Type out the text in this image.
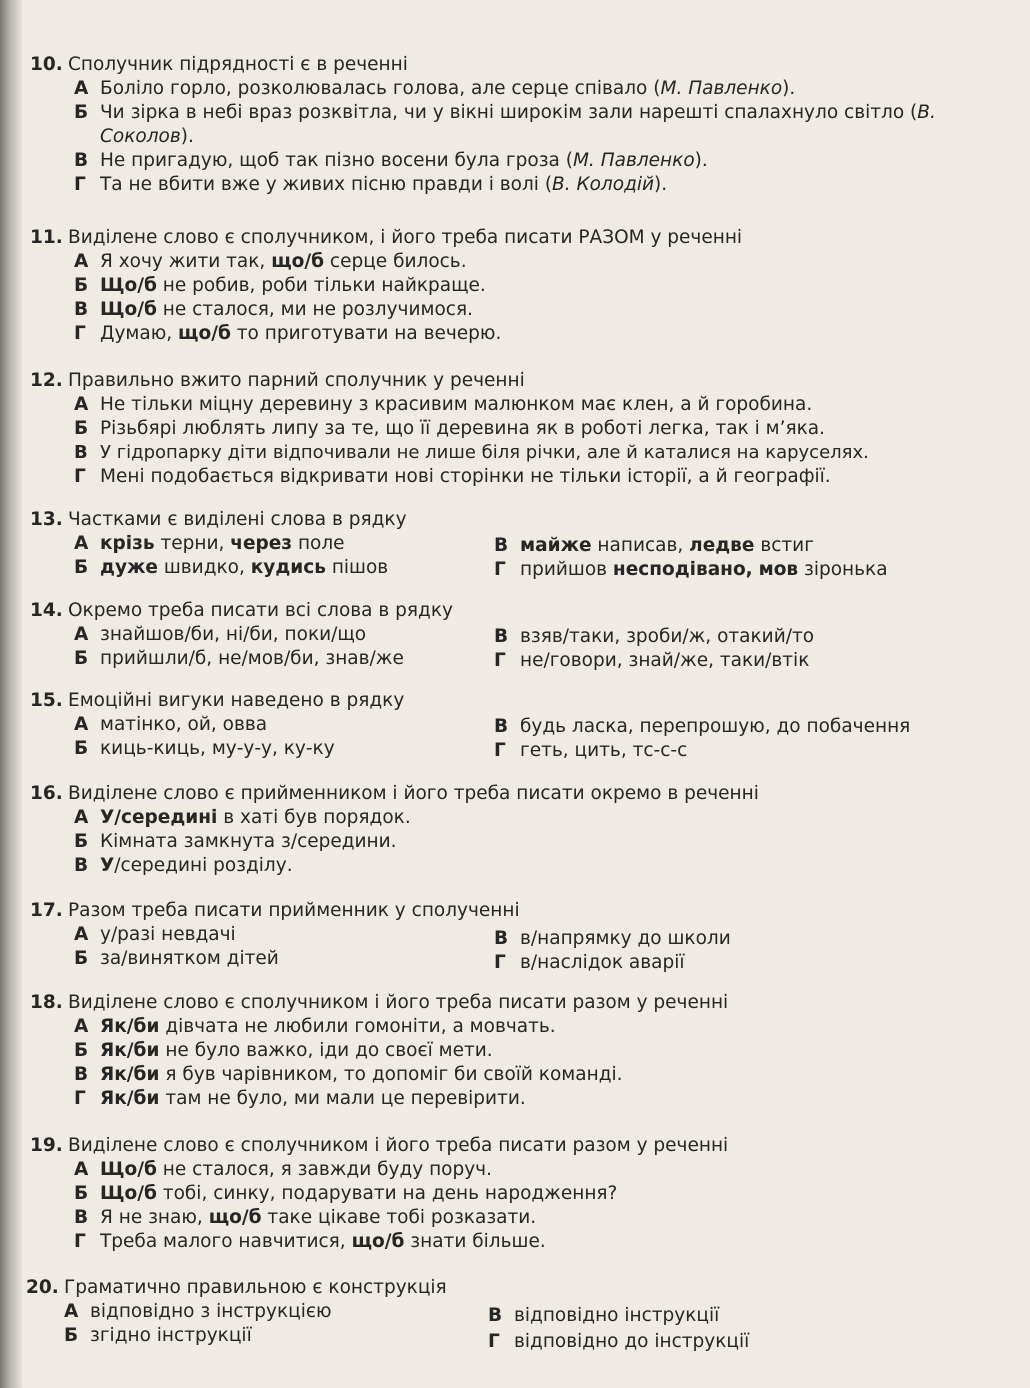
10. Сполучник підрядності є в реченні
А Боліло горло, розколювалась голова, але серце співало (М. Павленко).
Б Чи зірка в небі враз розквітла, чи у вікні широкім зали нарешті спалахнуло світло (В. Соколов).
В Не пригадую, щоб так пізно восени була гроза (М. Павленко).
Г Та не вбити вже у живих пісню правди і волі (В. Колодій).
11. Виділене слово є сполучником, і його треба писати РАЗОМ у реченні
А Я хочу жити так, що/б серце билось.
Б Що/б не робив, роби тільки найкраще.
В Що/б не сталося, ми не розлучимося.
Г Думаю, що/б то приготувати на вечерю.
12. Правильно вжито парний сполучник у реченні
А Не тільки міцну деревину з красивим малюнком має клен, а й горобина.
Б Різьбярі люблять липу за те, що її деревина як в роботі легка, так і м’яка.
В У гідропарку діти відпочивали не лише біля річки, але й каталися на каруселях.
Г Мені подобається відкривати нові сторінки не тільки історії, а й географії.
13. Частками є виділені слова в рядку
А крізь терни, через поле
Б дуже швидко, кудись пішов
В майже написав, ледве встиг
Г прийшов несподівано, мов зіронька
14. Окремо треба писати всі слова в рядку
А знайшов/би, ні/би, поки/що
Б прийшли/б, не/мов/би, знав/же
В взяв/таки, зроби/ж, отакий/то
Г не/говори, знай/же, таки/втік
15. Емоційні вигуки наведено в рядку
А матінко, ой, овва
Б киць-киць, му-у-у, ку-ку
В будь ласка, перепрошую, до побачення
Г геть, цить, тс-с-с
16. Виділене слово є прийменником і його треба писати окремо в реченні
А У/середині в хаті був порядок.
Б Кімната замкнута з/середини.
В У/середині розділу.
17. Разом треба писати прийменник у сполученні
А у/разі невдачі
Б за/винятком дітей
В в/напрямку до школи
Г в/наслідок аварії
18. Виділене слово є сполучником і його треба писати разом у реченні
А Як/би дівчата не любили гомоніти, а мовчать.
Б Як/би не було важко, іди до своєї мети.
В Як/би я був чарівником, то допоміг би своїй команді.
Г Як/би там не було, ми мали це перевірити.
19. Виділене слово є сполучником і його треба писати разом у реченні
А Що/б не сталося, я завжди буду поруч.
Б Що/б тобі, синку, подарувати на день народження?
В Я не знаю, що/б таке цікаве тобі розказати.
Г Треба малого навчитися, що/б знати більше.
20. Граматично правильною є конструкція
А відповідно з інструкцією
Б згідно інструкції
В відповідно інструкції
Г відповідно до інструкції
